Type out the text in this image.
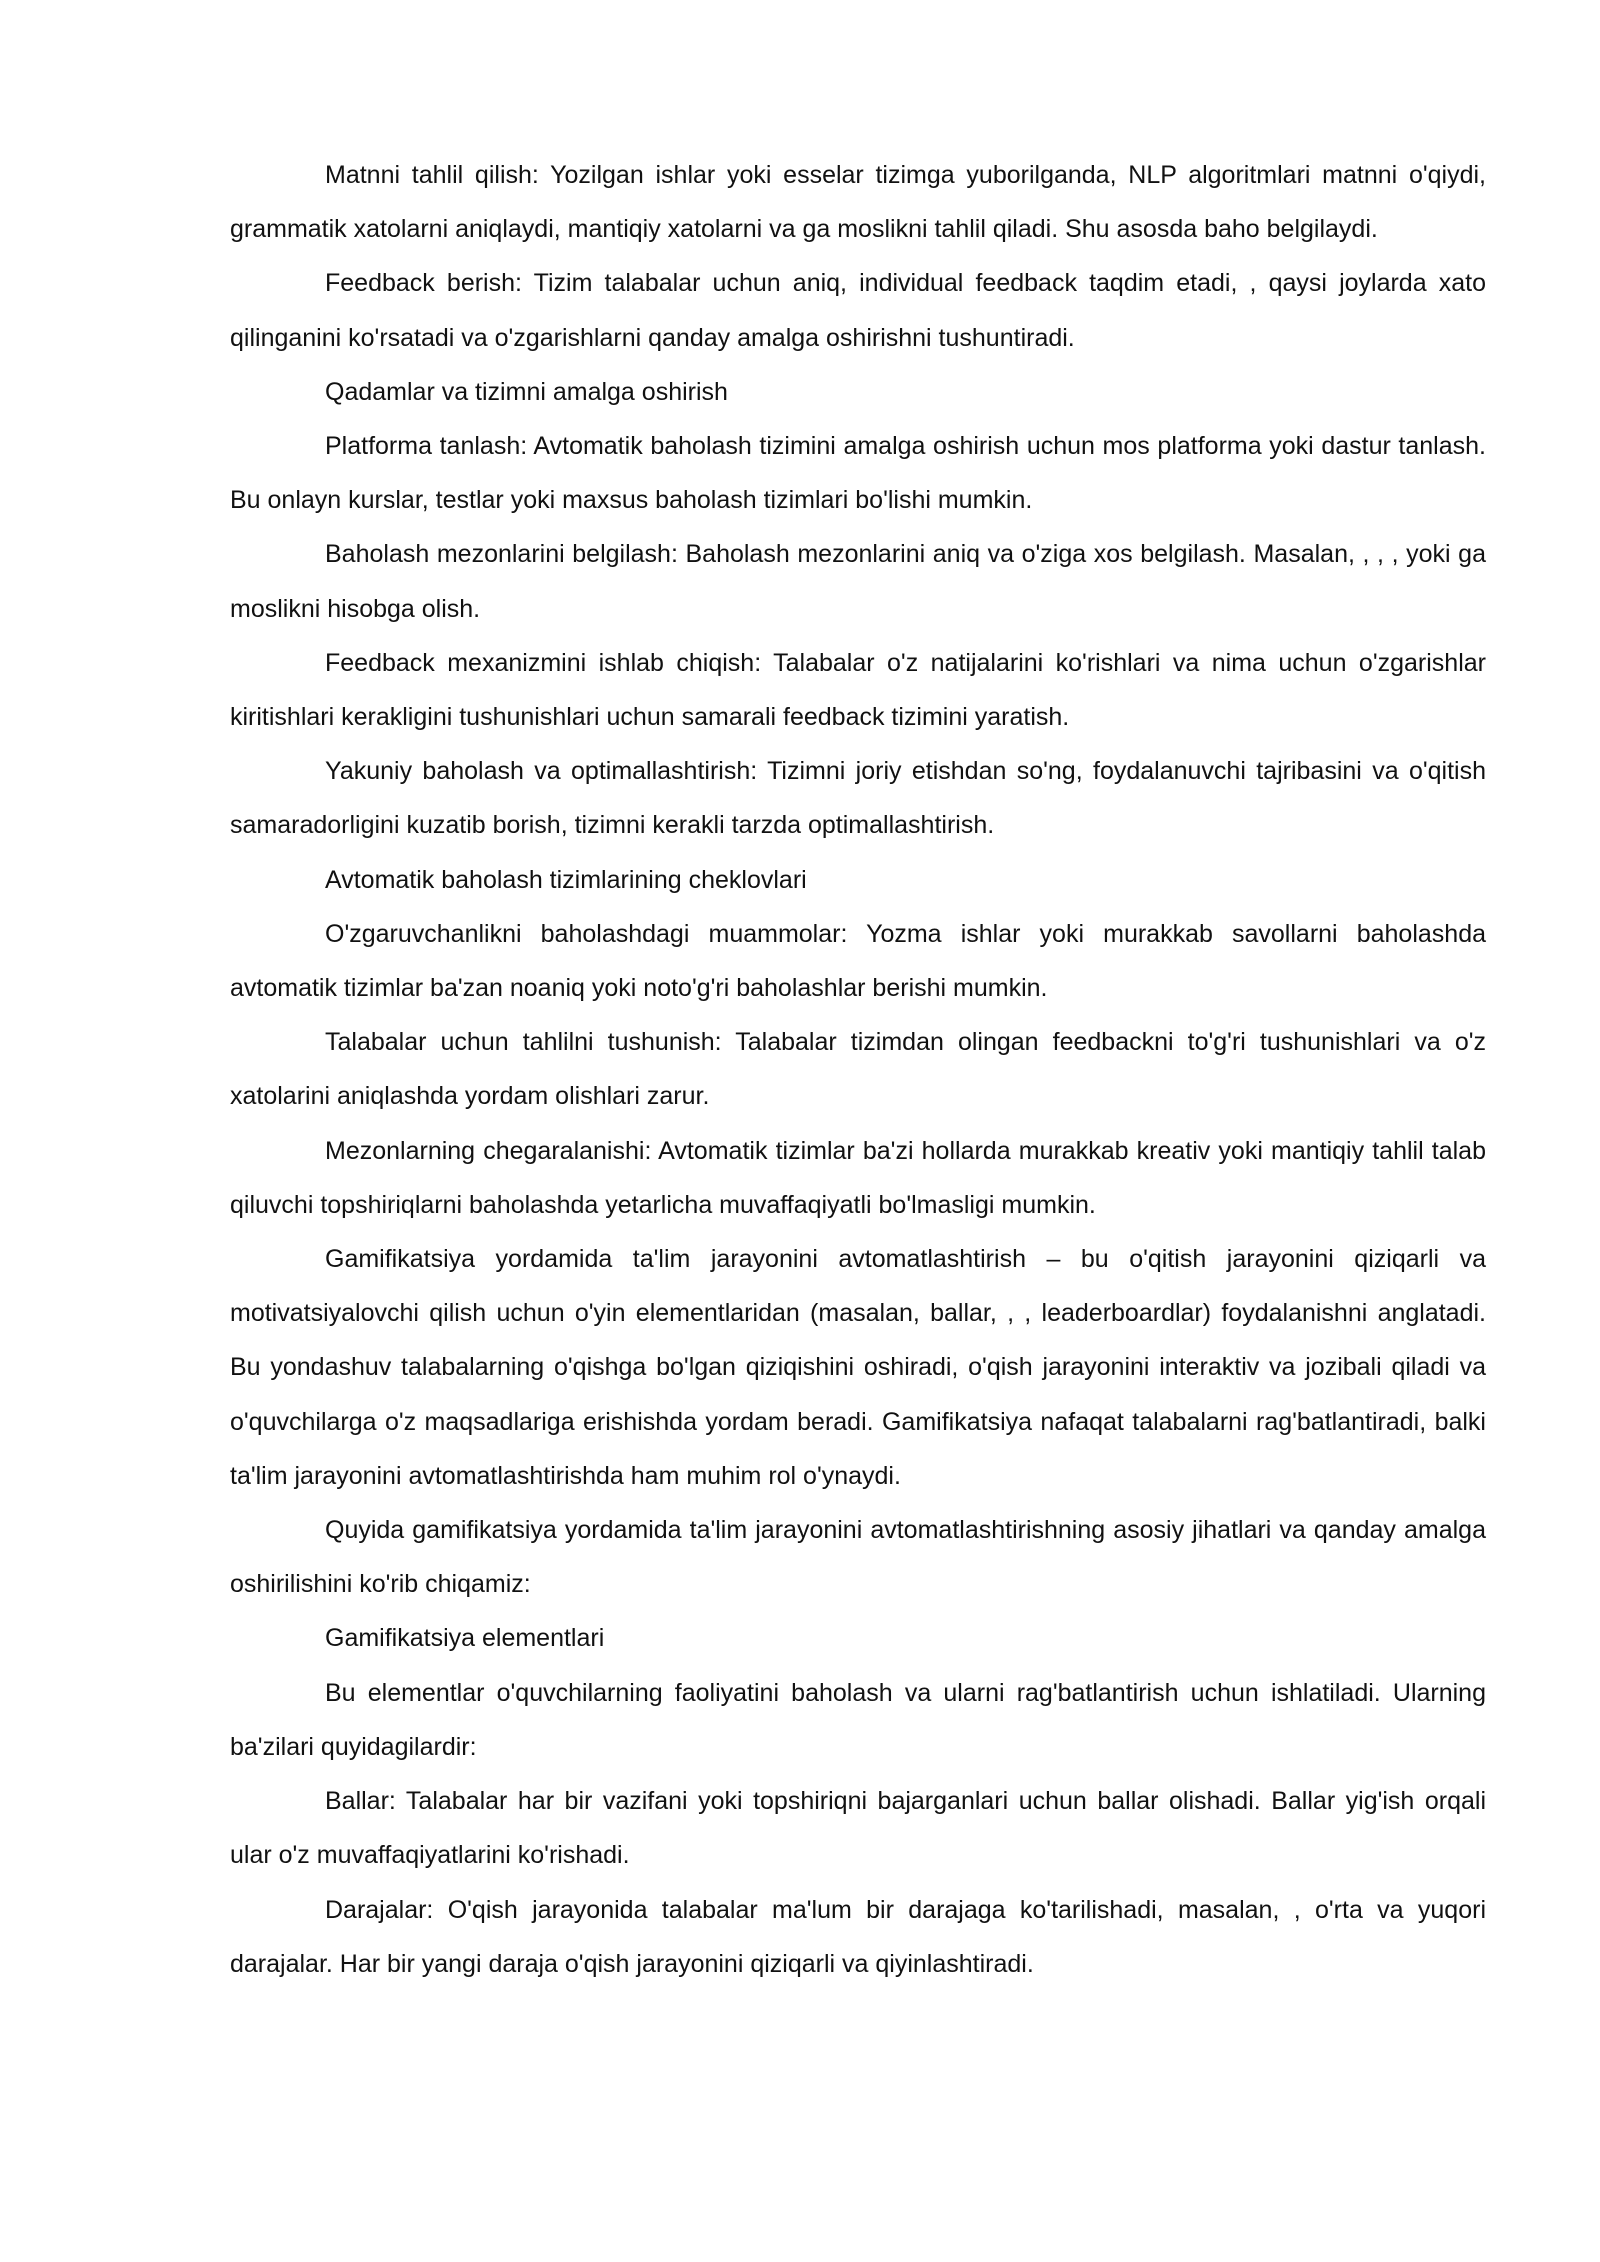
Matnni tahlil qilish: Yozilgan ishlar yoki esselar tizimga yuborilganda, NLP algoritmlari matnni o'qiydi, grammatik xatolarni aniqlaydi, mantiqiy xatolarni va ga moslikni tahlil qiladi. Shu asosda baho belgilaydi.

Feedback berish: Tizim talabalar uchun aniq, individual feedback taqdim etadi, , qaysi joylarda xato qilinganini ko'rsatadi va o'zgarishlarni qanday amalga oshirishni tushuntiradi.

Qadamlar va tizimni amalga oshirish

Platforma tanlash: Avtomatik baholash tizimini amalga oshirish uchun mos platforma yoki dastur tanlash. Bu onlayn kurslar, testlar yoki maxsus baholash tizimlari bo'lishi mumkin.

Baholash mezonlarini belgilash: Baholash mezonlarini aniq va o'ziga xos belgilash. Masalan, , , , yoki ga moslikni hisobga olish.

Feedback mexanizmini ishlab chiqish: Talabalar o'z natijalarini ko'rishlari va nima uchun o'zgarishlar kiritishlari kerakligini tushunishlari uchun samarali feedback tizimini yaratish.

Yakuniy baholash va optimallashtirish: Tizimni joriy etishdan so'ng, foydalanuvchi tajribasini va o'qitish samaradorligini kuzatib borish, tizimni kerakli tarzda optimallashtirish.

Avtomatik baholash tizimlarining cheklovlari

O'zgaruvchanlikni baholashdagi muammolar: Yozma ishlar yoki murakkab savollarni baholashda avtomatik tizimlar ba'zan noaniq yoki noto'g'ri baholashlar berishi mumkin.

Talabalar uchun tahlilni tushunish: Talabalar tizimdan olingan feedbackni to'g'ri tushunishlari va o'z xatolarini aniqlashda yordam olishlari zarur.

Mezonlarning chegaralanishi: Avtomatik tizimlar ba'zi hollarda murakkab kreativ yoki mantiqiy tahlil talab qiluvchi topshiriqlarni baholashda yetarlicha muvaffaqiyatli bo'lmasligi mumkin.

Gamifikatsiya yordamida ta'lim jarayonini avtomatlashtirish – bu o'qitish jarayonini qiziqarli va motivatsiyalovchi qilish uchun o'yin elementlaridan (masalan, ballar, , , leaderboardlar) foydalanishni anglatadi. Bu yondashuv talabalarning o'qishga bo'lgan qiziqishini oshiradi, o'qish jarayonini interaktiv va jozibali qiladi va o'quvchilarga o'z maqsadlariga erishishda yordam beradi. Gamifikatsiya nafaqat talabalarni rag'batlantiradi, balki ta'lim jarayonini avtomatlashtirishda ham muhim rol o'ynaydi.

Quyida gamifikatsiya yordamida ta'lim jarayonini avtomatlashtirishning asosiy jihatlari va qanday amalga oshirilishini ko'rib chiqamiz:

Gamifikatsiya elementlari

Bu elementlar o'quvchilarning faoliyatini baholash va ularni rag'batlantirish uchun ishlatiladi. Ularning ba'zilari quyidagilardir:

Ballar: Talabalar har bir vazifani yoki topshiriqni bajarganlari uchun ballar olishadi. Ballar yig'ish orqali ular o'z muvaffaqiyatlarini ko'rishadi.

Darajalar: O'qish jarayonida talabalar ma'lum bir darajaga ko'tarilishadi, masalan, , o'rta va yuqori darajalar. Har bir yangi daraja o'qish jarayonini qiziqarli va qiyinlashtiradi.
